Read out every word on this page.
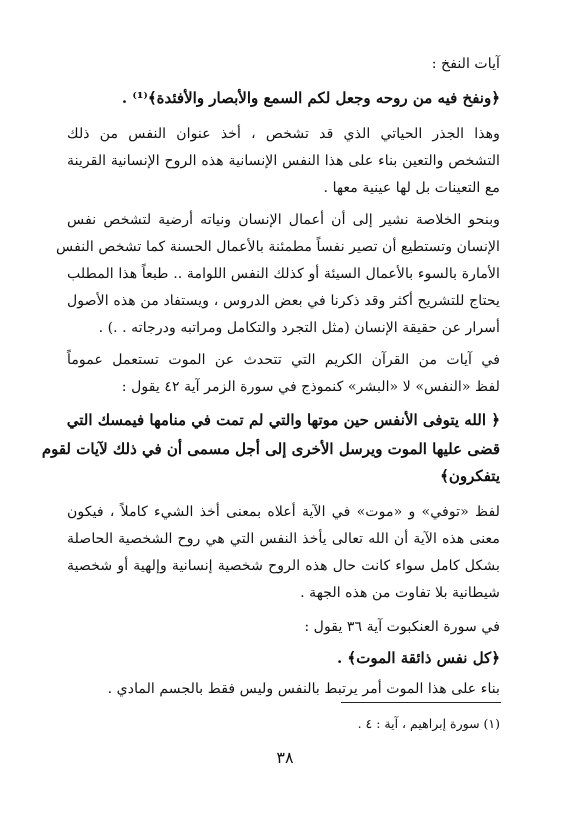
آيات النفخ :
﴿ونفخ فيه من روحه وجعل لكم السمع والأبصار والأفئدة﴾⁽¹⁾ .
وهذا الجذر الحياتي الذي قد تشخص ، أخذ عنوان النفس من ذلك
التشخص والتعين بناء على هذا النفس الإنسانية هذه الروح الإنسانية القرينة
مع التعينات بل لها عينية معها .
وبنحو الخلاصة نشير إلى أن أعمال الإنسان ونياته أرضية لتشخص نفس
الإنسان وتستطيع أن تصير نفساً مطمئنة بالأعمال الحسنة كما تشخص النفس
الأمارة بالسوء بالأعمال السيئة أو كذلك النفس اللوامة .. طبعاً هذا المطلب
يحتاج للتشريح أكثر وقد ذكرنا في بعض الدروس ، ويستفاد من هذه الأصول
أسرار عن حقيقة الإنسان (مثل التجرد والتكامل ومراتبه ودرجاته . .) .
في آيات من القرآن الكريم التي تتحدث عن الموت تستعمل عموماً
لفظ «النفس» لا «البشر» كنموذج في سورة الزمر آية ٤٢ يقول :
﴿ الله يتوفى الأنفس حين موتها والتي لم تمت في منامها فيمسك التي
قضى عليها الموت ويرسل الأخرى إلى أجل مسمى أن في ذلك لآيات لقوم
يتفكرون﴾
لفظ «توفي» و «موت» في الآية أعلاه بمعنى أخذ الشيء كاملاً ، فيكون
معنى هذه الآية أن الله تعالى يأخذ النفس التي هي روح الشخصية الحاصلة
بشكل كامل سواء كانت حال هذه الروح شخصية إنسانية وإلهية أو شخصية
شيطانية بلا تفاوت من هذه الجهة .
في سورة العنكبوت آية ٣٦ يقول :
﴿كل نفس ذائقة الموت﴾ .
بناء على هذا الموت أمر يرتبط بالنفس وليس فقط بالجسم المادي .
(١) سورة إبراهيم ، آية : ٤ .
٣٨
